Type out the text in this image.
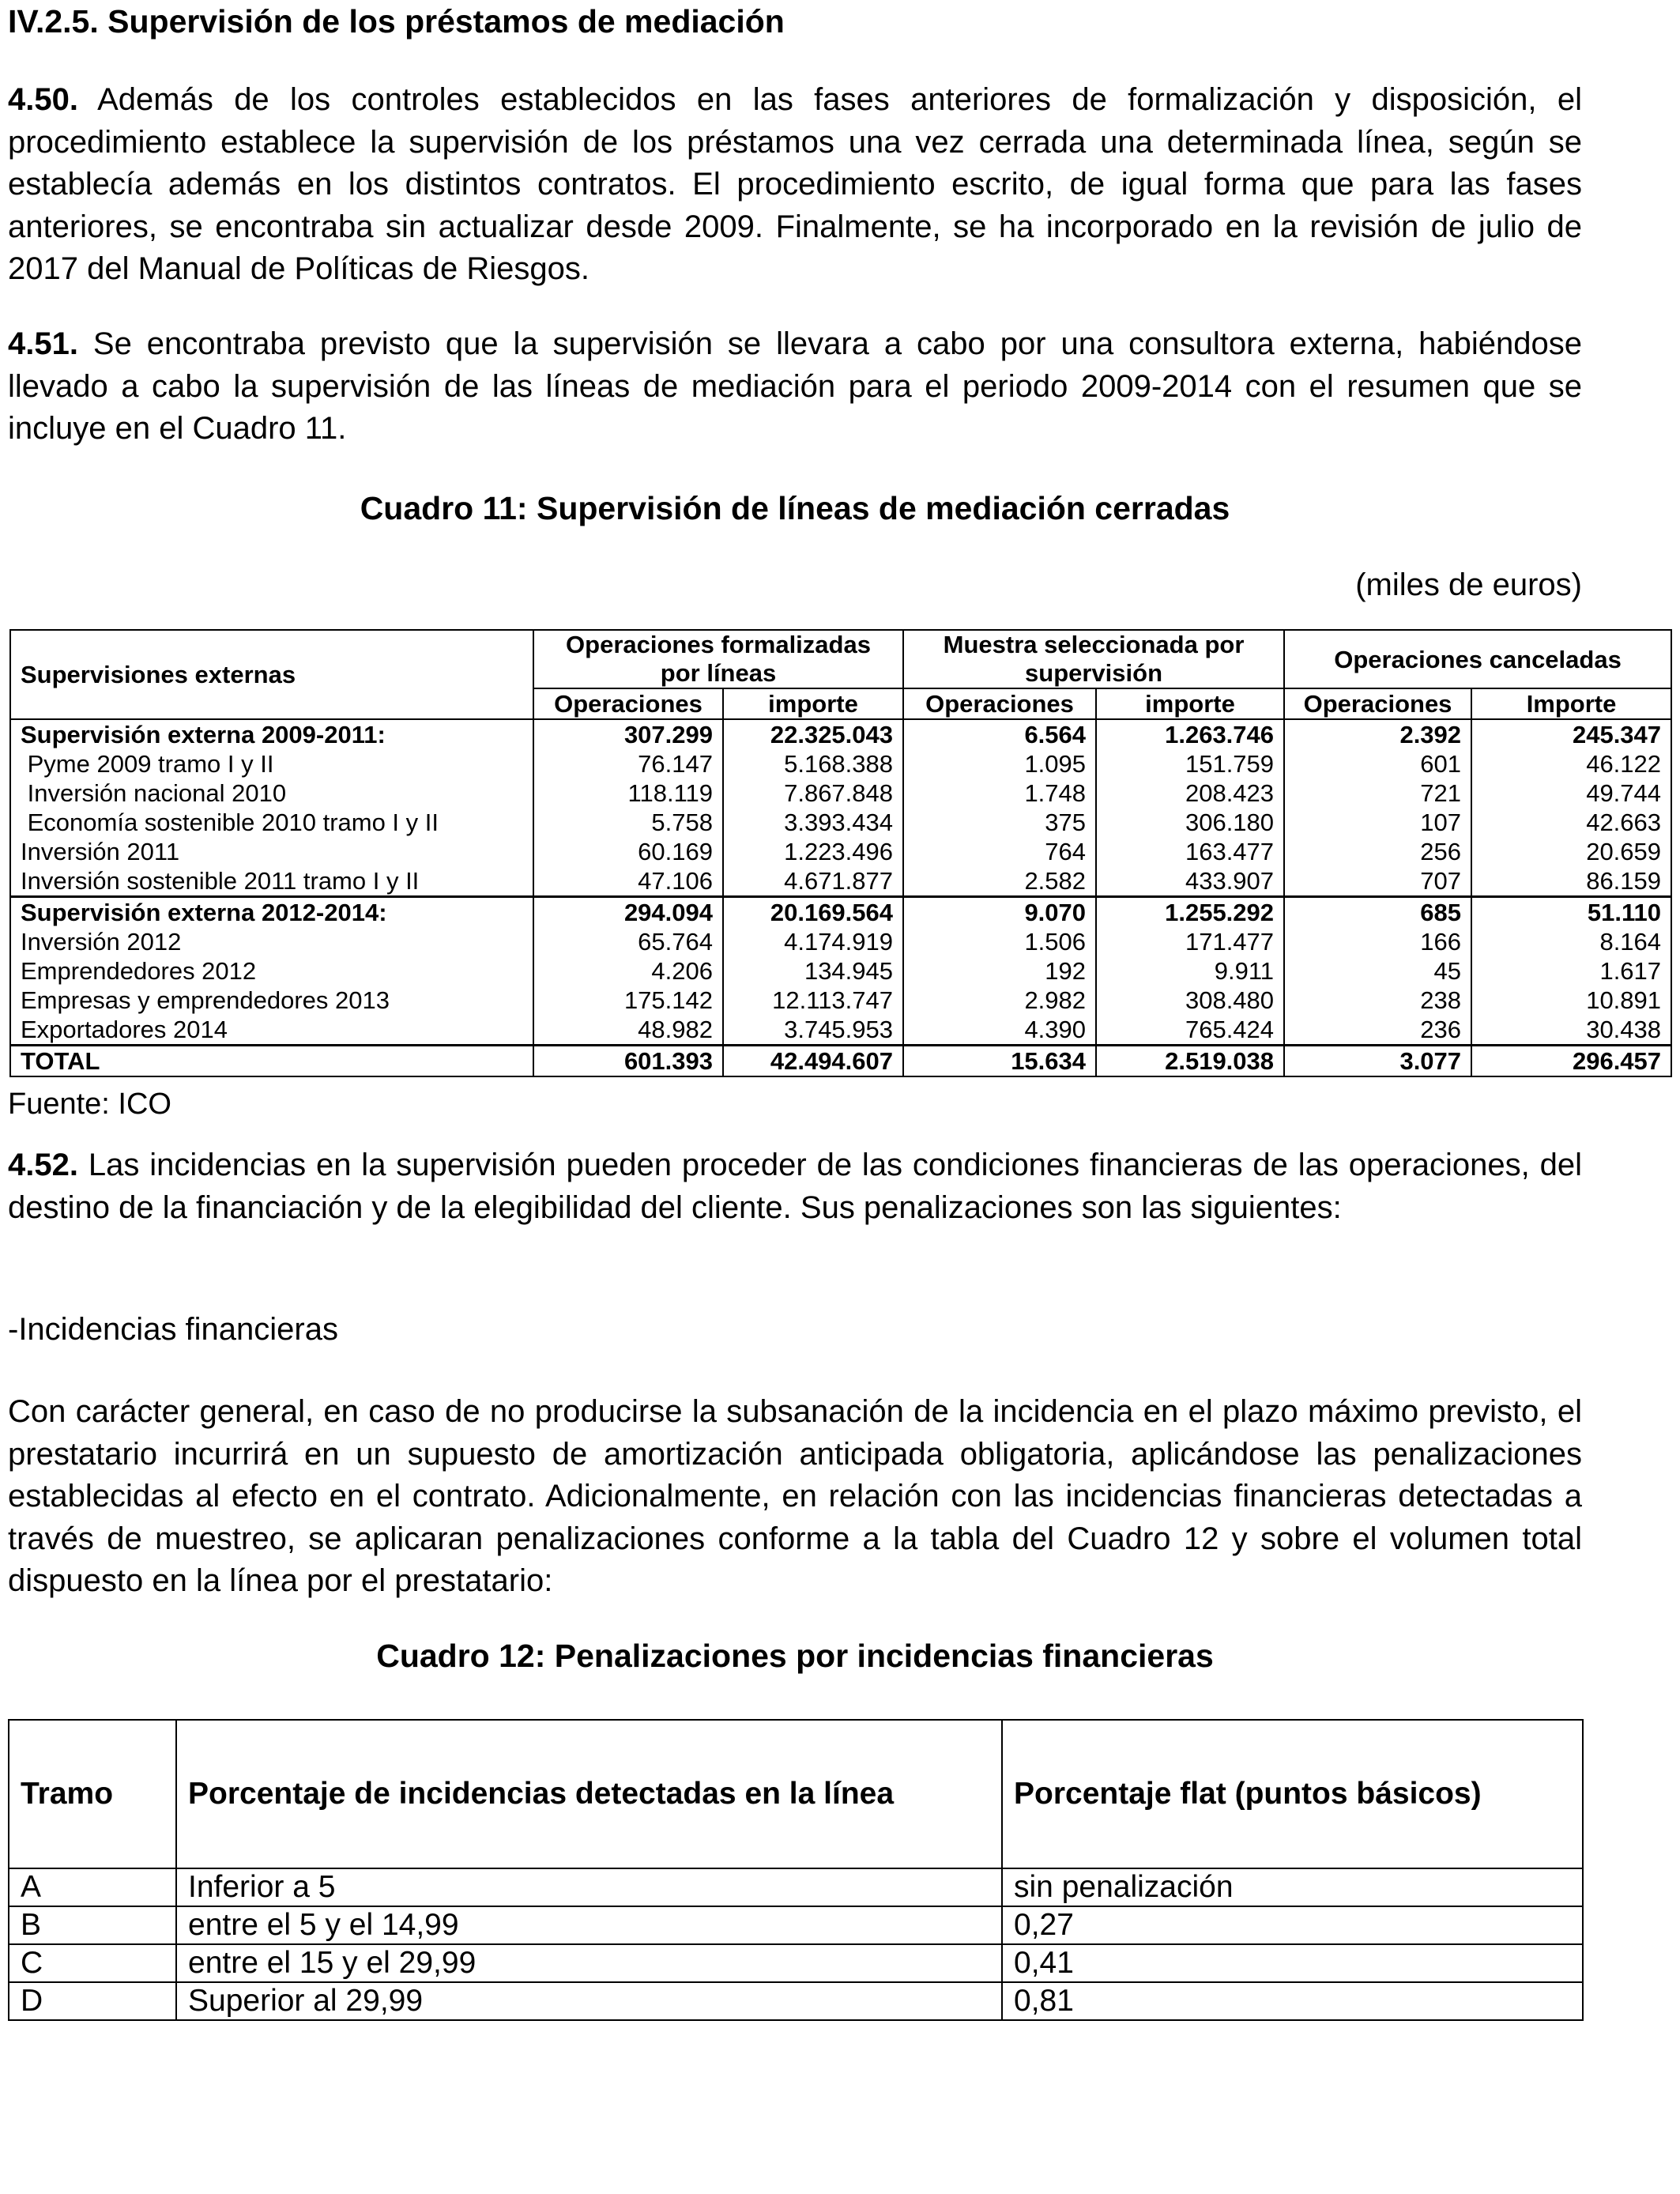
IV.2.5. Supervisión de los préstamos de mediación

4.50. Además de los controles establecidos en las fases anteriores de formalización y disposición, el procedimiento establece la supervisión de los préstamos una vez cerrada una determinada línea, según se establecía además en los distintos contratos. El procedimiento escrito, de igual forma que para las fases anteriores, se encontraba sin actualizar desde 2009. Finalmente, se ha incorporado en la revisión de julio de 2017 del Manual de Políticas de Riesgos.

4.51. Se encontraba previsto que la supervisión se llevara a cabo por una consultora externa, habiéndose llevado a cabo la supervisión de las líneas de mediación para el periodo 2009-2014 con el resumen que se incluye en el Cuadro 11.

Cuadro 11: Supervisión de líneas de mediación cerradas
(miles de euros)
Supervisiones externas	Operaciones formalizadas por líneas		Muestra seleccionada por supervisión		Operaciones canceladas	
	Operaciones	importe	Operaciones	importe	Operaciones	Importe
Supervisión externa 2009-2011:	307.299	22.325.043	6.564	1.263.746	2.392	245.347
Pyme 2009 tramo I y II	76.147	5.168.388	1.095	151.759	601	46.122
Inversión nacional 2010	118.119	7.867.848	1.748	208.423	721	49.744
Economía sostenible 2010 tramo I y II	5.758	3.393.434	375	306.180	107	42.663
Inversión 2011	60.169	1.223.496	764	163.477	256	20.659
Inversión sostenible 2011 tramo I y II	47.106	4.671.877	2.582	433.907	707	86.159
Supervisión externa 2012-2014:	294.094	20.169.564	9.070	1.255.292	685	51.110
Inversión 2012	65.764	4.174.919	1.506	171.477	166	8.164
Emprendedores 2012	4.206	134.945	192	9.911	45	1.617
Empresas y emprendedores 2013	175.142	12.113.747	2.982	308.480	238	10.891
Exportadores 2014	48.982	3.745.953	4.390	765.424	236	30.438
TOTAL	601.393	42.494.607	15.634	2.519.038	3.077	296.457
Fuente: ICO

4.52. Las incidencias en la supervisión pueden proceder de las condiciones financieras de las operaciones, del destino de la financiación y de la elegibilidad del cliente. Sus penalizaciones son las siguientes:

-Incidencias financieras

Con carácter general, en caso de no producirse la subsanación de la incidencia en el plazo máximo previsto, el prestatario incurrirá en un supuesto de amortización anticipada obligatoria, aplicándose las penalizaciones establecidas al efecto en el contrato. Adicionalmente, en relación con las incidencias financieras detectadas a través de muestreo, se aplicaran penalizaciones conforme a la tabla del Cuadro 12 y sobre el volumen total dispuesto en la línea por el prestatario:

Cuadro 12: Penalizaciones por incidencias financieras
Tramo	Porcentaje de incidencias detectadas en la línea	Porcentaje flat (puntos básicos)
A	Inferior a 5	sin penalización
B	entre el 5 y el 14,99	0,27
C	entre el 15 y el 29,99	0,41
D	Superior al 29,99	0,81
